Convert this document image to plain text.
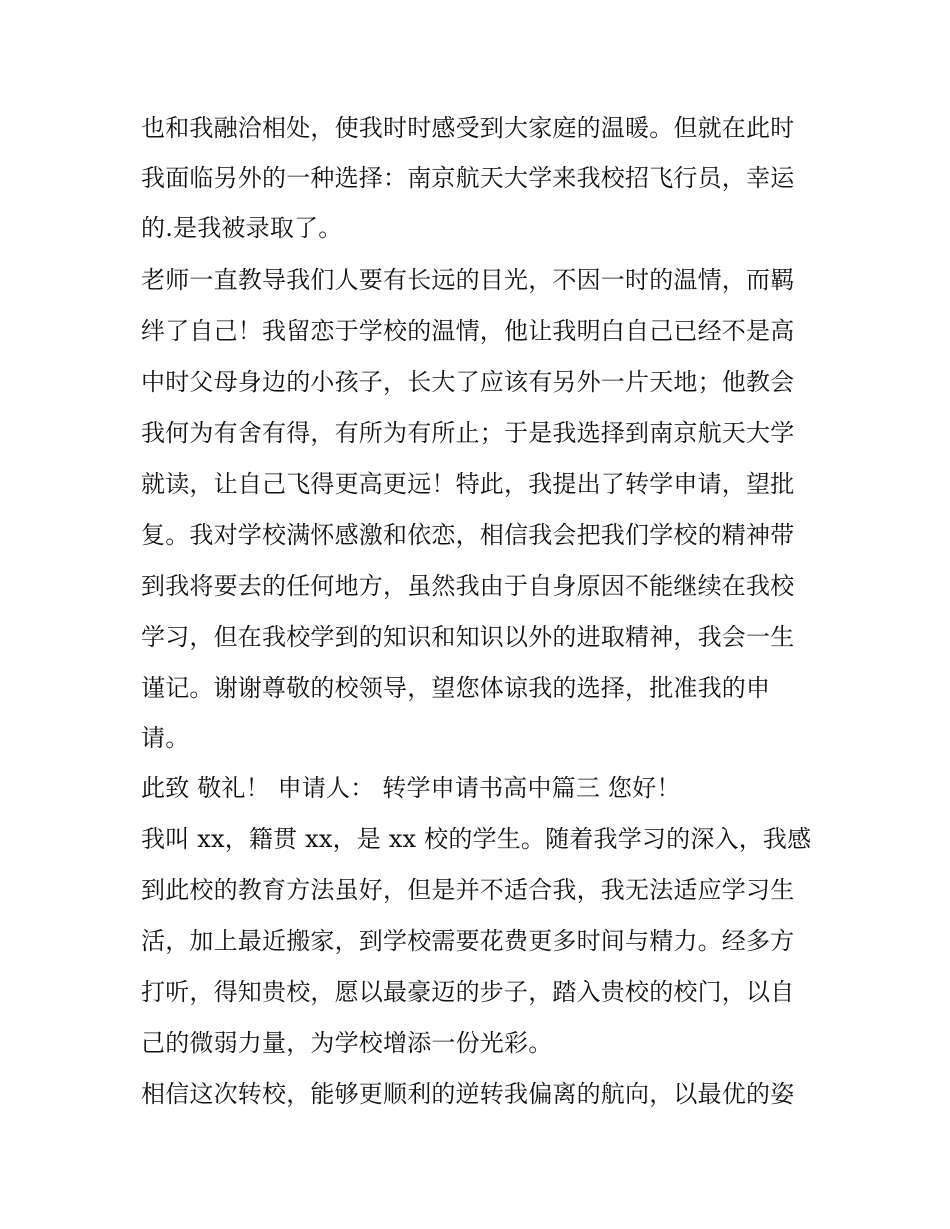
也和我融洽相处，使我时时感受到大家庭的温暖。但就在此时
我面临另外的一种选择：南京航天大学来我校招飞行员，幸运
的.是我被录取了。
老师一直教导我们人要有长远的目光，不因一时的温情，而羁
绊了自己！我留恋于学校的温情，他让我明白自己已经不是高
中时父母身边的小孩子，长大了应该有另外一片天地；他教会
我何为有舍有得，有所为有所止；于是我选择到南京航天大学
就读，让自己飞得更高更远！特此，我提出了转学申请，望批
复。我对学校满怀感激和依恋，相信我会把我们学校的精神带
到我将要去的任何地方，虽然我由于自身原因不能继续在我校
学习，但在我校学到的知识和知识以外的进取精神，我会一生
谨记。谢谢尊敬的校领导，望您体谅我的选择，批准我的申
请。
此致 敬礼！ 申请人： 转学申请书高中篇三 您好！
我叫 xx，籍贯 xx，是 xx 校的学生。随着我学习的深入，我感
到此校的教育方法虽好，但是并不适合我，我无法适应学习生
活，加上最近搬家，到学校需要花费更多时间与精力。经多方
打听，得知贵校，愿以最豪迈的步子，踏入贵校的校门，以自
己的微弱力量，为学校增添一份光彩。
相信这次转校，能够更顺利的逆转我偏离的航向，以最优的姿
